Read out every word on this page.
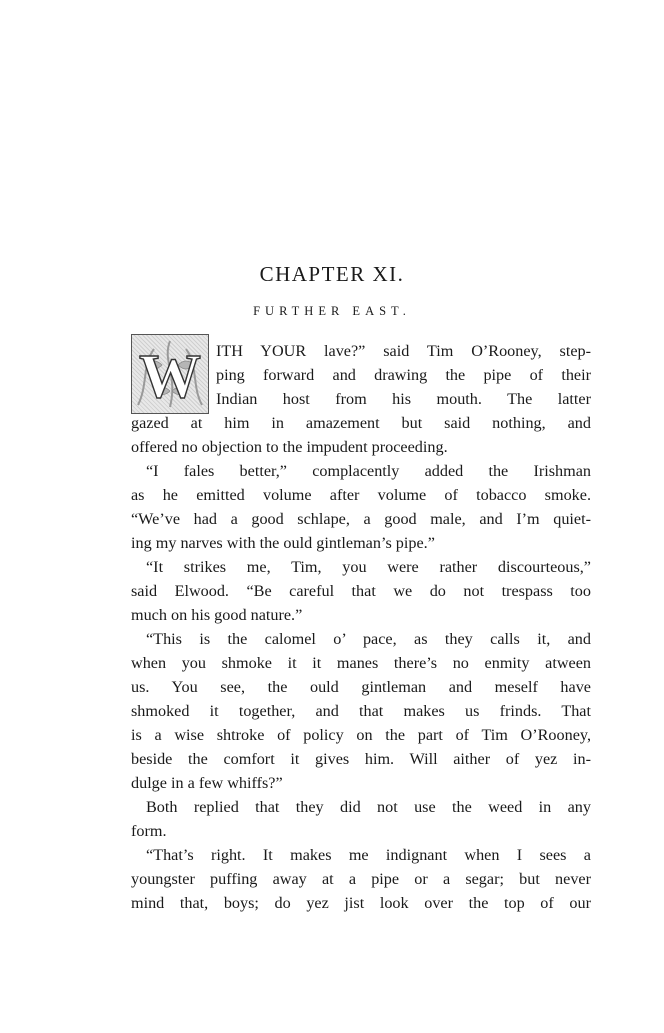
CHAPTER XI.
FURTHER EAST.
W ITH YOUR lave?” said Tim O’Rooney, step-
ping forward and drawing the pipe of their
Indian host from his mouth. The latter
gazed at him in amazement but said nothing, and
offered no objection to the impudent proceeding.
“I fales better,” complacently added the Irishman
as he emitted volume after volume of tobacco smoke.
“We’ve had a good schlape, a good male, and I’m quiet-
ing my narves with the ould gintleman’s pipe.”
“It strikes me, Tim, you were rather discourteous,”
said Elwood. “Be careful that we do not trespass too
much on his good nature.”
“This is the calomel o’ pace, as they calls it, and
when you shmoke it it manes there’s no enmity atween
us. You see, the ould gintleman and meself have
shmoked it together, and that makes us frinds. That
is a wise shtroke of policy on the part of Tim O’Rooney,
beside the comfort it gives him. Will aither of yez in-
dulge in a few whiffs?”
Both replied that they did not use the weed in any
form.
“That’s right. It makes me indignant when I sees a
youngster puffing away at a pipe or a segar; but never
mind that, boys; do yez jist look over the top of our
